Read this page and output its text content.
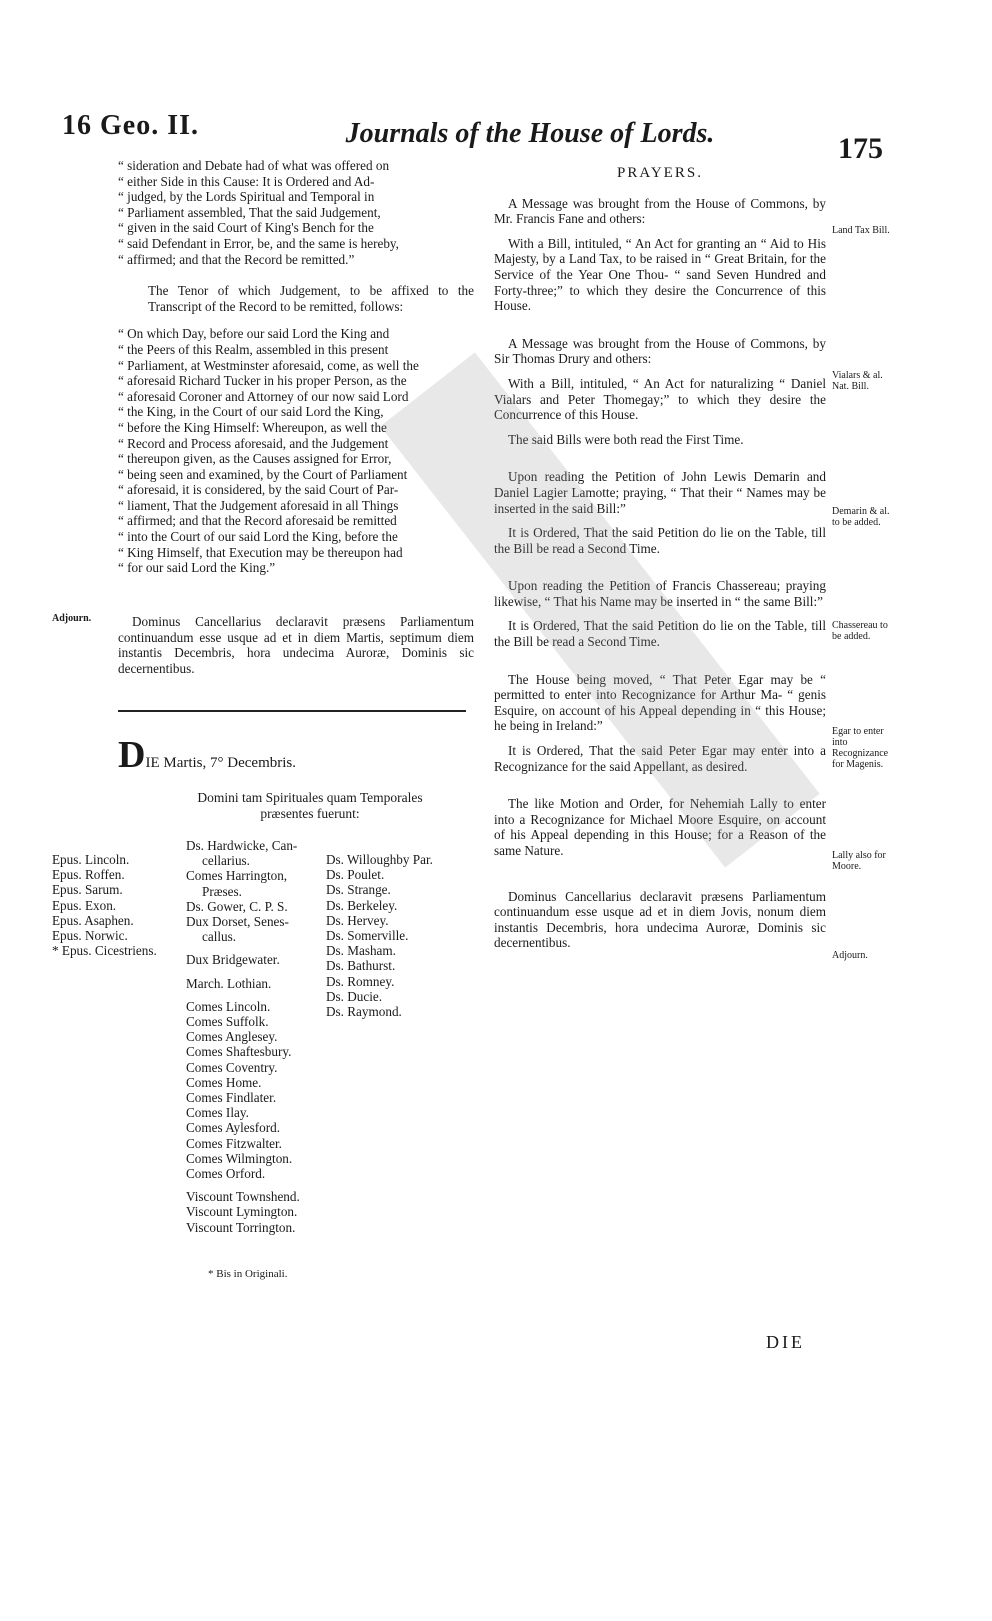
16 Geo. II.	Journals of the House of Lords.	175
“ sideration and Debate had of what was offered on
“ either Side in this Cause: It is Ordered and Ad-
“ judged, by the Lords Spiritual and Temporal in
“ Parliament assembled, That the said Judgement,
“ given in the said Court of King's Bench for the
“ said Defendant in Error, be, and the same is hereby,
“ affirmed; and that the Record be remitted.”

The Tenor of which Judgement, to be affixed to the Transcript of the Record to be remitted, follows:

“ On which Day, before our said Lord the King and
“ the Peers of this Realm, assembled in this present
“ Parliament, at Westminster aforesaid, come, as well the
“ aforesaid Richard Tucker in his proper Person, as the
“ aforesaid Coroner and Attorney of our now said Lord
“ the King, in the Court of our said Lord the King,
“ before the King Himself: Whereupon, as well the
“ Record and Process aforesaid, and the Judgement
“ thereupon given, as the Causes assigned for Error,
“ being seen and examined, by the Court of Parliament
“ aforesaid, it is considered, by the said Court of Par-
“ liament, That the Judgement aforesaid in all Things
“ affirmed; and that the Record aforesaid be remitted
“ into the Court of our said Lord the King, before the
“ King Himself, that Execution may be thereupon had
“ for our said Lord the King.”
Adjourn.	Dominus Cancellarius declaravit præsens Parliamentum continuandum esse usque ad et in diem Martis, septimum diem instantis Decembris, hora undecima Auroræ, Dominis sic decernentibus.

DIE Martis, 7° Decembris.
Domini tam Spirituales quam Temporales præsentes fuerunt:
Epus. Lincoln.
Epus. Roffen.
Epus. Sarum.
Epus. Exon.
Epus. Asaphen.
Epus. Norwic.
* Epus. Cicestriens.
Ds. Hardwicke, Can-
cellarius.
Comes Harrington,
Præses.
Ds. Gower, C. P. S.
Dux Dorset, Senes-
callus.
Dux Bridgewater.
March. Lothian.
Comes Lincoln.
Comes Suffolk.
Comes Anglesey.
Comes Shaftesbury.
Comes Coventry.
Comes Home.
Comes Findlater.
Comes Ilay.
Comes Aylesford.
Comes Fitzwalter.
Comes Wilmington.
Comes Orford.
Viscount Townshend.
Viscount Lymington.
Viscount Torrington.
Ds. Willoughby Par.
Ds. Poulet.
Ds. Strange.
Ds. Berkeley.
Ds. Hervey.
Ds. Somerville.
Ds. Masham.
Ds. Bathurst.
Ds. Romney.
Ds. Ducie.
Ds. Raymond.
* Bis in Originali.
PRAYERS.

A Message was brought from the House of Commons, by Mr. Francis Fane and others:

With a Bill, intituled, “ An Act for granting an “ Aid to His Majesty, by a Land Tax, to be raised in “ Great Britain, for the Service of the Year One Thou- “ sand Seven Hundred and Forty-three;” to which they desire the Concurrence of this House.

A Message was brought from the House of Commons, by Sir Thomas Drury and others:

With a Bill, intituled, “ An Act for naturalizing “ Daniel Vialars and Peter Thomegay;” to which they desire the Concurrence of this House.

The said Bills were both read the First Time.

Upon reading the Petition of John Lewis Demarin and Daniel Lagier Lamotte; praying, “ That their “ Names may be inserted in the said Bill:”

It is Ordered, That the said Petition do lie on the Table, till the Bill be read a Second Time.

Upon reading the Petition of Francis Chassereau; praying likewise, “ That his Name may be inserted in “ the same Bill:”

It is Ordered, That the said Petition do lie on the Table, till the Bill be read a Second Time.

The House being moved, “ That Peter Egar may be “ permitted to enter into Recognizance for Arthur Ma- “ genis Esquire, on account of his Appeal depending in “ this House; he being in Ireland:”

It is Ordered, That the said Peter Egar may enter into a Recognizance for the said Appellant, as desired.

The like Motion and Order, for Nehemiah Lally to enter into a Recognizance for Michael Moore Esquire, on account of his Appeal depending in this House; for a Reason of the same Nature.

Dominus Cancellarius declaravit præsens Parliamentum continuandum esse usque ad et in diem Jovis, nonum diem instantis Decembris, hora undecima Auroræ, Dominis sic decernentibus.

Land Tax Bill.
Vialars & al. Nat. Bill.
Demarin & al. to be added.
Chassereau to be added.
Egar to enter into Recognizance for Magenis.
Lally also for Moore.
Adjourn.
DIE
